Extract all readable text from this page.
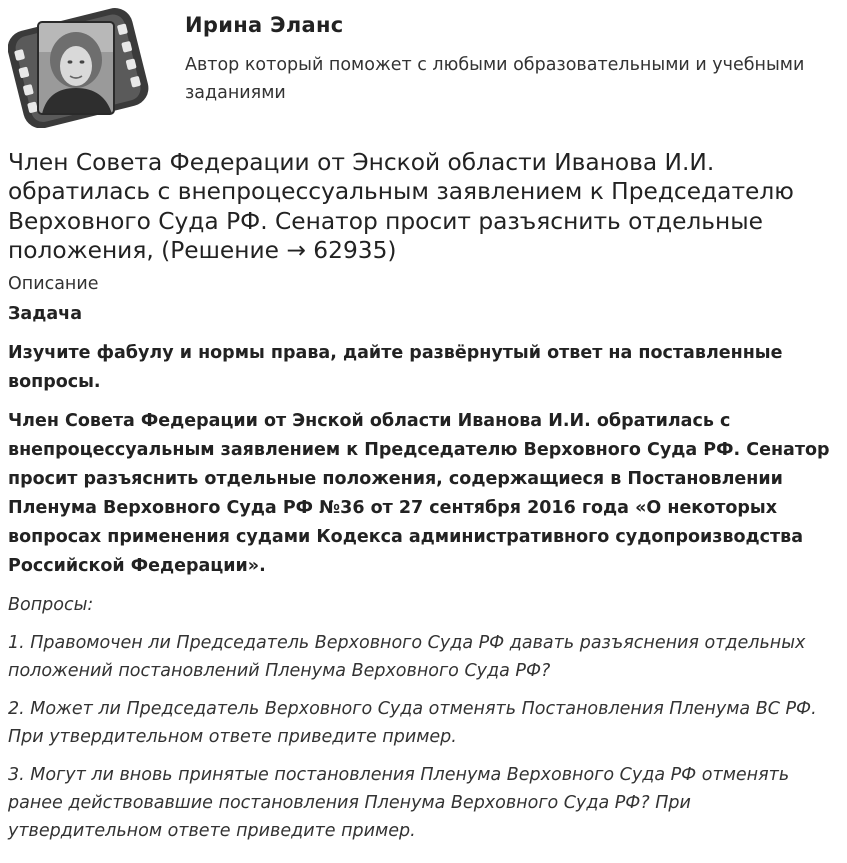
Ирина Эланс
Автор который поможет с любыми образовательными и учебными заданиями
Член Совета Федерации от Энской области Иванова И.И. обратилась с внепроцессуальным заявлением к Председателю Верховного Суда РФ. Сенатор просит разъяснить отдельные положения, (Решение → 62935)
Описание
Задача

Изучите фабулу и нормы права, дайте развёрнутый ответ на поставленные вопросы.

Член Совета Федерации от Энской области Иванова И.И. обратилась с внепроцессуальным заявлением к Председателю Верховного Суда РФ. Сенатор просит разъяснить отдельные положения, содержащиеся в Постановлении Пленума Верховного Суда РФ №36 от 27 сентября 2016 года «О некоторых вопросах применения судами Кодекса административного судопроизводства Российской Федерации».

Вопросы:

1. Правомочен ли Председатель Верховного Суда РФ давать разъяснения отдельных положений постановлений Пленума Верховного Суда РФ?

2. Может ли Председатель Верховного Суда отменять Постановления Пленума ВС РФ. При утвердительном ответе приведите пример.

3. Могут ли вновь принятые постановления Пленума Верховного Суда РФ отменять ранее действовавшие постановления Пленума Верховного Суда РФ? При утвердительном ответе приведите пример.
